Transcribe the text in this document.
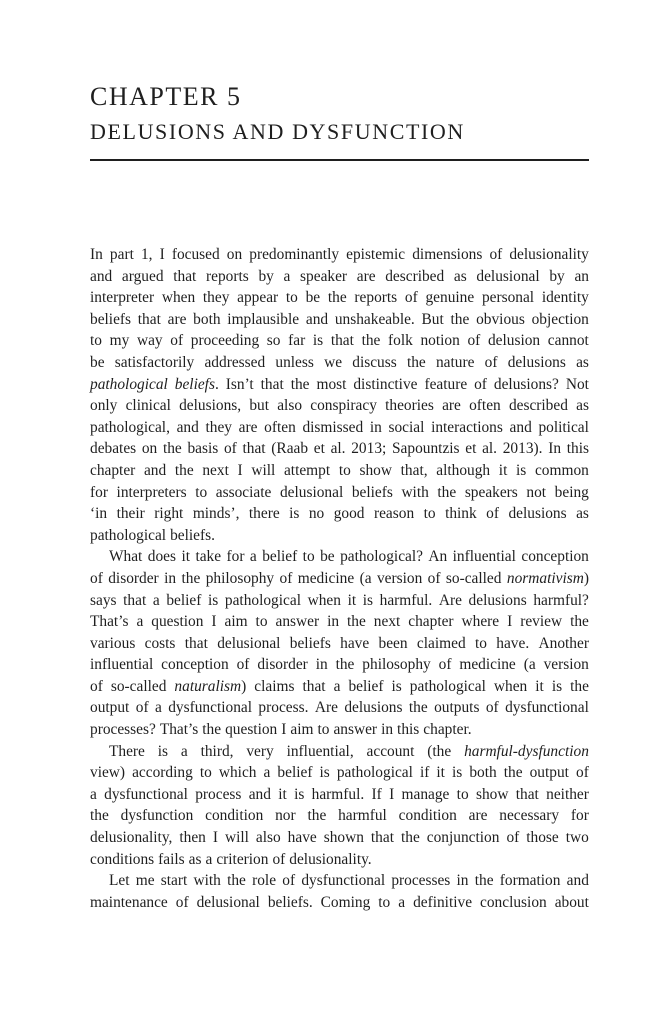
CHAPTER 5
DELUSIONS AND DYSFUNCTION
In part 1, I focused on predominantly epistemic dimensions of delusionality
and argued that reports by a speaker are described as delusional by an
interpreter when they appear to be the reports of genuine personal identity
beliefs that are both implausible and unshakeable. But the obvious objection
to my way of proceeding so far is that the folk notion of delusion cannot
be satisfactorily addressed unless we discuss the nature of delusions as
pathological beliefs. Isn’t that the most distinctive feature of delusions? Not
only clinical delusions, but also conspiracy theories are often described as
pathological, and they are often dismissed in social interactions and political
debates on the basis of that (Raab et al. 2013; Sapountzis et al. 2013). In this
chapter and the next I will attempt to show that, although it is common
for interpreters to associate delusional beliefs with the speakers not being
‘in their right minds’, there is no good reason to think of delusions as
pathological beliefs.
What does it take for a belief to be pathological? An influential conception
of disorder in the philosophy of medicine (a version of so-called normativism)
says that a belief is pathological when it is harmful. Are delusions harmful?
That’s a question I aim to answer in the next chapter where I review the
various costs that delusional beliefs have been claimed to have. Another
influential conception of disorder in the philosophy of medicine (a version
of so-called naturalism) claims that a belief is pathological when it is the
output of a dysfunctional process. Are delusions the outputs of dysfunctional
processes? That’s the question I aim to answer in this chapter.
There is a third, very influential, account (the harmful-dysfunction
view) according to which a belief is pathological if it is both the output of
a dysfunctional process and it is harmful. If I manage to show that neither
the dysfunction condition nor the harmful condition are necessary for
delusionality, then I will also have shown that the conjunction of those two
conditions fails as a criterion of delusionality.
Let me start with the role of dysfunctional processes in the formation and
maintenance of delusional beliefs. Coming to a definitive conclusion about
